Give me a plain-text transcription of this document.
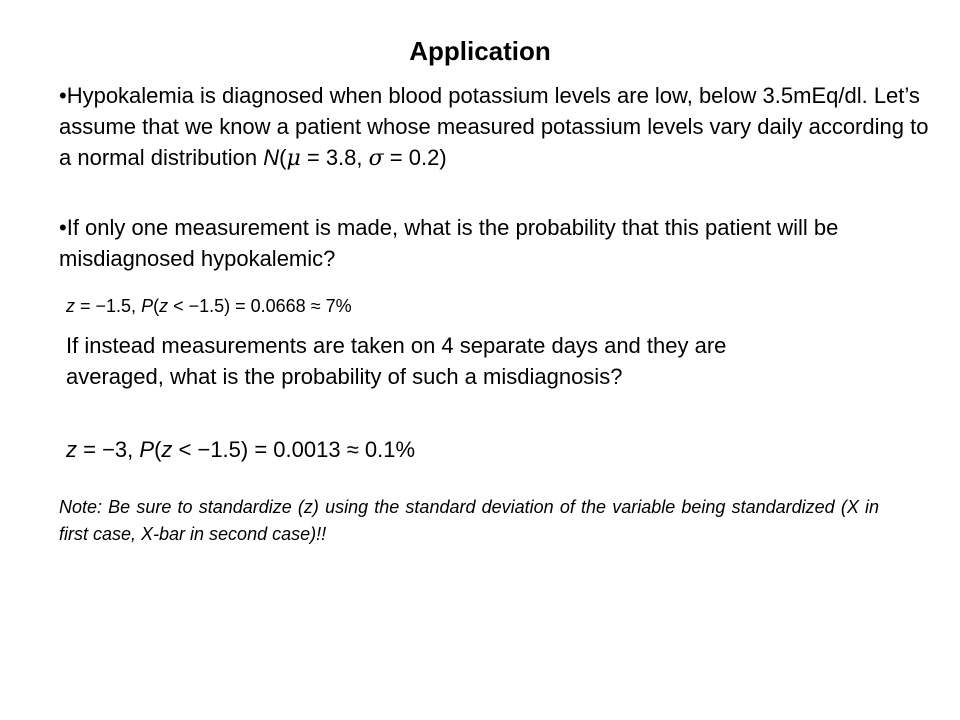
Application
•Hypokalemia is diagnosed when blood potassium levels are low, below 3.5mEq/dl. Let’s assume that we know a patient whose measured potassium levels vary daily according to a normal distribution N(μ = 3.8, σ = 0.2)
•If only one measurement is made, what is the probability that this patient will be misdiagnosed hypokalemic?
z = −1.5, P(z < −1.5) = 0.0668 ≈ 7%
If instead measurements are taken on 4 separate days and they are averaged, what is the probability of such a misdiagnosis?
z = −3, P(z < −1.5) = 0.0013 ≈ 0.1%
Note: Be sure to standardize (z) using the standard deviation of the variable being standardized (X in first case, X-bar in second case)!!
